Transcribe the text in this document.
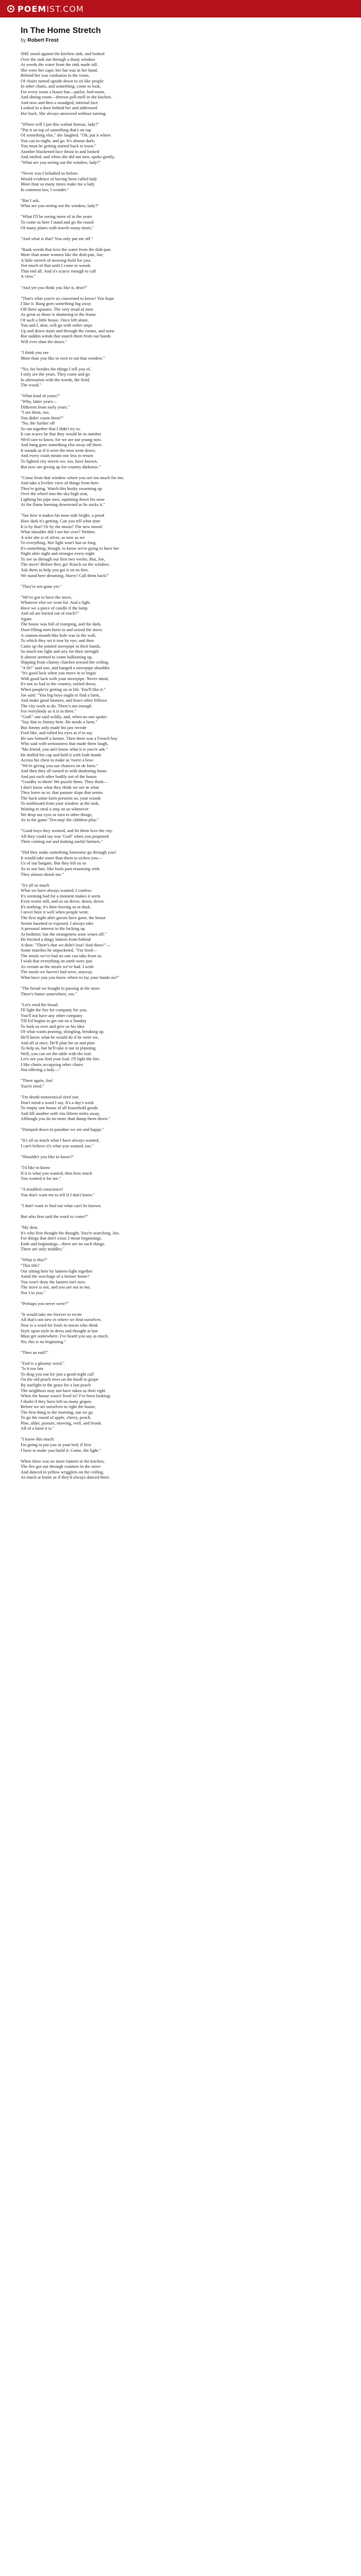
POEM IST.COM
In The Home Stretch
by Robert Frost
SHE stood against the kitchen sink, and looked
Over the sink out through a dusty window
At weeds the water from the sink made tall.
She wore her cape; her hat was in her hand.
Behind her was confusion in the room,
Of chairs turned upside down to sit like people
In other chairs, and something, come to look,
For every room a house has—parlor, bed-room,
And dining-room—thrown pell-mell in the kitchen.
And now and then a smudged, infernal face
Looked in a door behind her and addressed
Her back. She always answered without turning.
"Where will I put this walnut bureau, lady?"
"Put it on top of something that's on top
Of something else," she laughed. "Oh, put it where
You can to-night, and go. It's almost dark;
You must be getting started back to town."
Another blackened face thrust in and looked
And smiled, and when she did not turn, spoke gently,
"What are you seeing out the window, lady?"
"Never was I beladied so before.
Would evidence of having been called lady
More than so many times make me a lady
In common law, I wonder."
"But I ask,
What are you seeing out the window, lady?"
"What I'll be seeing more of in the years
To come as here I stand and go the round
Of many plates with towels many times."
"And what is that? You only put me off."
"Rank weeds that love the water from the dish-pan
More than some women like the dish-pan, Joe;
A little stretch of mowing-field for you;
Not much of that until I come to woods
That end all. And it's scarce enough to call
A view."
"And yet you think you like it, dear?"
"That's what you're so concerned to know! You hope
I like it. Bang goes something big away
Off there upstairs. The very tread of men
As great as those is shattering to the frame
Of such a little house. Once left alone,
You and I, dear, will go with softer steps
Up and down stairs and through the rooms, and none
But sudden winds that snatch them from our hands
Will ever slam the doors."
"I think you see
More than you like to own to out that window."
"No; for besides the things I tell you of,
I only see the years. They come and go
In alternation with the weeds, the field,
The wood."
"What kind of years?"
"Why, latter years—
Different from early years."
"I see them, too.
You didn't count them?"
"No, the further off
So ran together that I didn't try to.
It can scarce be that they would be in number
We'd care to know, for we are not young now.
And bang goes something else away off there.
It sounds as if it were the men went down,
And every crash meant one less to return
To lighted city streets we, too, have known,
But now are giving up for country darkness."
"Come from that window where you see too much for me,
And take a livelier view of things from here.
They're going. Watch this husky swarming up
Over the wheel into the sky-high seat,
Lighting his pipe now, squinting down his nose
At the flame burning downward as he sucks it."
"See how it makes his nose-side bright, a proof
How dark it's getting. Can you tell what time
It is by that? Or by the moon? The new moon!
What shoulder did I see her over? Neither.
A wire she is of silver, as new as we
To everything. Her light won't last us long.
It's something, though, to know we're going to have her
Night after night and stronger every night
To see us through our first two weeks. But, Joe,
The stove! Before they go! Knock on the window;
Ask them to help you get it on its feet.
We stand here dreaming. Hurry! Call them back!"
"They're not gone yet."
"We've got to have the stove,
Whatever else we want for. And a light.
Have we a piece of candle if the lamp
And oil are buried out of reach?"
Again
The house was full of tramping, and the dark,
Door-filling men burst in and seized the stove.
A cannon-mouth-like hole was in the wall,
To which they set it true by eye; and then
Came up the jointed stovepipe in their hands,
So much too light and airy for their strength
It almost seemed to come ballooning up,
Slipping from clumsy clutches toward the ceiling.
"A fit!" said one, and banged a stovepipe shoulder.
"It's good luck when you move in to begin
With good luck with your stovepipe. Never mind,
It's not so bad in the country, settled down,
When people're getting on in life. You'll like it."
Joe said: "You big boys ought to find a farm,
And make good farmers, and leave other fellows
The city work to do. There's not enough
For everybody as it is in there."
"God!" one said wildly, and, when no one spoke:
"Say that to Jimmy here. He needs a farm."
But Jimmy only made his jaw recede
Fool-like, and rolled his eyes as if to say
He saw himself a farmer. Then there was a French boy
Who said with seriousness that made them laugh,
"Ma friend, you ain't know what it is you're ask."
He doffed his cap and held it with both hands
Across his chest to make as 'twere a bow:
"We're giving you our chances on de farm."
And then they all turned to with deafening boots
And put each other bodily out of the house.
"Goodby to them! We puzzle them. They think—
I don't know what they think we see in what
They leave us to: that pasture slope that seems
The back some farm presents us; your woods
To northward from your window at the sink,
Waiting to steal a step on us whenever
We drop our eyes or turn to other things,
As in the game 'Ten-step' the children play."
"Good boys they seemed, and let them love the city.
All they could say was 'God!' when you proposed
Their coming out and making useful farmers."
"Did they make something lonesome go through you?
It would take more than them to sicken you—
Us of our bargain. But they left us so
As to our fate, like fools past reasoning with.
They almost shook me."
"It's all so much
What we have always wanted, I confess
It's seeming bad for a moment makes it seem
Even worse still, and so on down, down, down.
It's nothing; it's their leaving us at dusk.
I never bore it well when people went.
The first night after guests have gone, the house
Seems haunted or exposed. I always take
A personal interest in the locking up
At bedtime; but the strangeness soon wears off."
He fetched a dingy lantern from behind
A door. "There's that we didn't lose! And these!"—
Some matches he unpocketed. "For food—
The meals we've had no one can take from us.
I wish that everything on earth were just
As certain as the meals we've had. I wish
The meals we haven't had were, anyway.
What have you you know where to lay your hands on?"
"The bread we bought in passing at the store.
There's butter somewhere, too."
"Let's rend the bread.
I'll light the fire for company for you;
You'll not have any other company
Till Ed begins to get out on a Sunday
To look us over and give us his idea
Of what wants pruning, shingling, breaking up.
He'll know what he would do if he were we,
And all at once. He'll plan for us and plan
To help us, but he'll take it out in planning.
Well, you can set the table with the loaf.
Let's see you find your loaf. I'll light the fire.
I like chairs occupying other chairs
Not offering a lady—"
"There again, Joe!
You're tired."
"I'm drunk-nonsensical tired out;
Don't mind a word I say. It's a day's work
To empty one house of all household goods
And fill another with 'em fifteen miles away,
Although you do no more than dump them down."
"Dumped down in paradise we are and happy."
"It's all so much what I have always wanted,
I can't believe it's what you wanted, too."
"Shouldn't you like to know?"
"I'd like to know
If it is what you wanted, then how much
You wanted it for me."
"A troubled conscience!
You don't want me to tell if I don't know."
"I don't want to find out what can't be known.
But who first said the word to come?"
"My dear,
It's who first thought the thought. You're searching, Joe,
For things that don't exist; I mean beginnings.
Ends and beginnings—there are no such things.
There are only middles."
"What is this?"
"This life?
Our sitting here by lantern-light together
Amid the wreckage of a former home?
You won't deny the lantern isn't new.
The stove is not, and you are not to me,
Nor I to you."
"Perhaps you never were?"
"It would take me forever to recite
All that's not new in where we find ourselves.
New is a word for fools in towns who think
Style upon style in dress and thought at last
Must get somewhere. I've heard you say as much.
No, this is no beginning."
"Then an end?"
"End is a gloomy word."
"Is it too late
To drag you out for just a good-night call
On the old peach trees on the knoll to grope
By starlight in the grass for a last peach
The neighbors may not have taken as their right
When the house wasn't lived in? I've been looking:
I doubt if they have left us many grapes.
Before we set ourselves to right the house,
The first thing in the morning, out we go
To go the round of apple, cherry, peach,
Pine, alder, pasture, mowing, well, and brook.
All of a farm it is."
"I know this much:
I'm going to put you in your bed, if first
I have to make you build it. Come, the light."
When there was no more lantern in the kitchen,
The fire got out through crannies in the stove
And danced in yellow wrigglers on the ceiling,
As much at home as if they'd always danced there.
